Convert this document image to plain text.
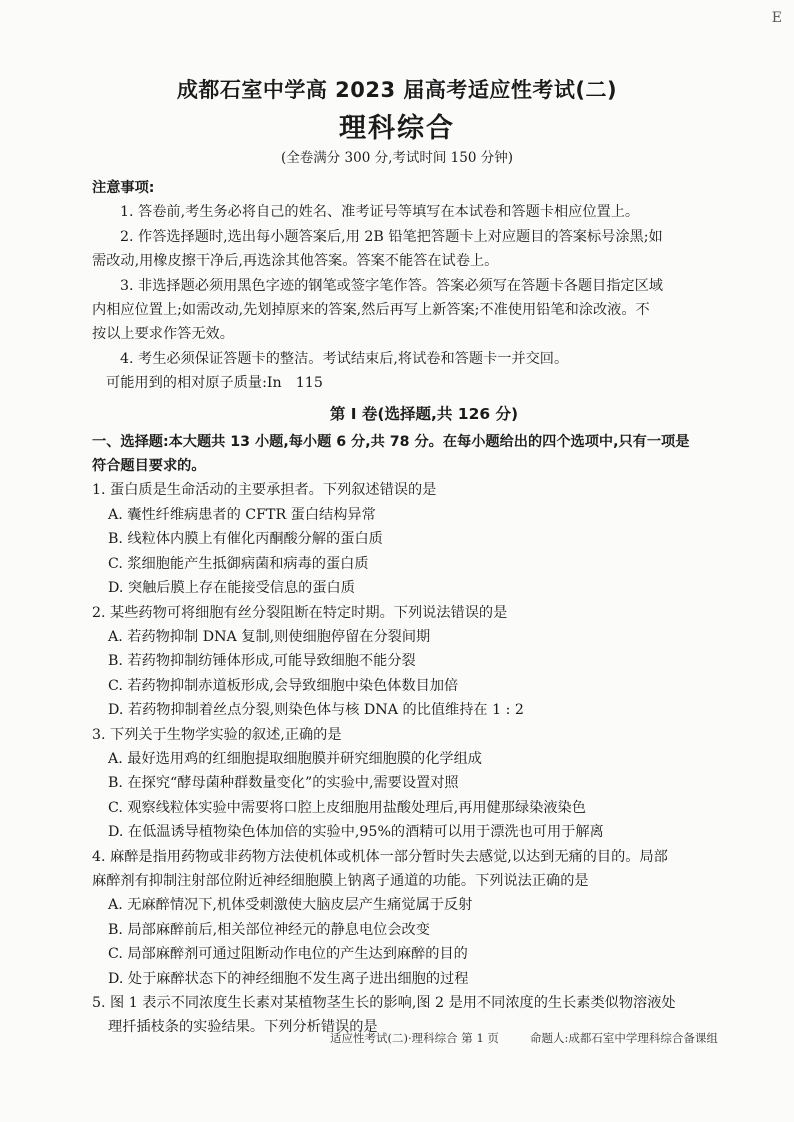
E
成都石室中学高 2023 届高考适应性考试(二)
理科综合
(全卷满分 300 分,考试时间 150 分钟)
注意事项:
1. 答卷前,考生务必将自己的姓名、准考证号等填写在本试卷和答题卡相应位置上。
2. 作答选择题时,选出每小题答案后,用 2B 铅笔把答题卡上对应题目的答案标号涂黑;如
需改动,用橡皮擦干净后,再选涂其他答案。答案不能答在试卷上。
3. 非选择题必须用黑色字迹的钢笔或签字笔作答。答案必须写在答题卡各题目指定区域
内相应位置上;如需改动,先划掉原来的答案,然后再写上新答案;不准使用铅笔和涂改液。不
按以上要求作答无效。
4. 考生必须保证答题卡的整洁。考试结束后,将试卷和答题卡一并交回。
可能用到的相对原子质量:In　115
第 Ⅰ 卷(选择题,共 126 分)
一、选择题:本大题共 13 小题,每小题 6 分,共 78 分。在每小题给出的四个选项中,只有一项是
符合题目要求的。
1. 蛋白质是生命活动的主要承担者。下列叙述错误的是
A. 囊性纤维病患者的 CFTR 蛋白结构异常
B. 线粒体内膜上有催化丙酮酸分解的蛋白质
C. 浆细胞能产生抵御病菌和病毒的蛋白质
D. 突触后膜上存在能接受信息的蛋白质
2. 某些药物可将细胞有丝分裂阻断在特定时期。下列说法错误的是
A. 若药物抑制 DNA 复制,则使细胞停留在分裂间期
B. 若药物抑制纺锤体形成,可能导致细胞不能分裂
C. 若药物抑制赤道板形成,会导致细胞中染色体数目加倍
D. 若药物抑制着丝点分裂,则染色体与核 DNA 的比值维持在 1 : 2
3. 下列关于生物学实验的叙述,正确的是
A. 最好选用鸡的红细胞提取细胞膜并研究细胞膜的化学组成
B. 在探究“酵母菌种群数量变化”的实验中,需要设置对照
C. 观察线粒体实验中需要将口腔上皮细胞用盐酸处理后,再用健那绿染液染色
D. 在低温诱导植物染色体加倍的实验中,95%的酒精可以用于漂洗也可用于解离
4. 麻醉是指用药物或非药物方法使机体或机体一部分暂时失去感觉,以达到无痛的目的。局部
麻醉剂有抑制注射部位附近神经细胞膜上钠离子通道的功能。下列说法正确的是
A. 无麻醉情况下,机体受刺激使大脑皮层产生痛觉属于反射
B. 局部麻醉前后,相关部位神经元的静息电位会改变
C. 局部麻醉剂可通过阻断动作电位的产生达到麻醉的目的
D. 处于麻醉状态下的神经细胞不发生离子进出细胞的过程
5. 图 1 表示不同浓度生长素对某植物茎生长的影响,图 2 是用不同浓度的生长素类似物溶液处
理扦插枝条的实验结果。下列分析错误的是
适应性考试(二)·理科综合 第 1 页	命题人:成都石室中学理科综合备课组
